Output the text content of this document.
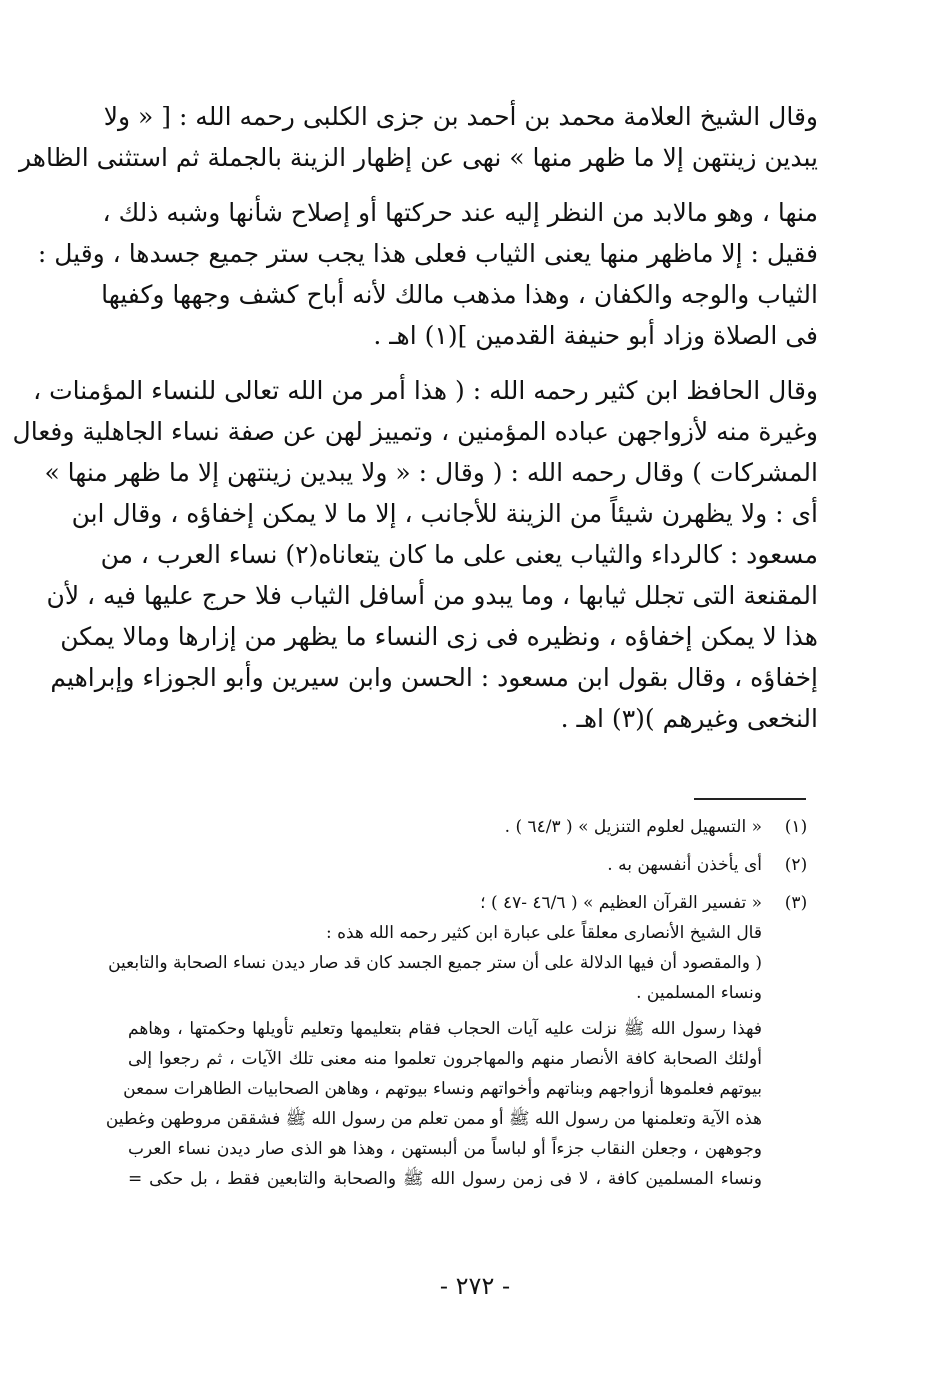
وقال الشيخ العلامة محمد بن أحمد بن جزى الكلبى رحمه الله : [ « ولا
يبدين زينتهن إلا ما ظهر منها » نهى عن إظهار الزينة بالجملة ثم استثنى الظاهر

منها ، وهو مالابد من النظر إليه عند حركتها أو إصلاح شأنها وشبه ذلك ،
فقيل : إلا ماظهر منها يعنى الثياب فعلى هذا يجب ستر جميع جسدها ، وقيل :
الثياب والوجه والكفان ، وهذا مذهب مالك لأنه أباح كشف وجهها وكفيها
فى الصلاة وزاد أبو حنيفة القدمين ](١) اهـ .

وقال الحافظ ابن كثير رحمه الله : ( هذا أمر من الله تعالى للنساء المؤمنات ،
وغيرة منه لأزواجهن عباده المؤمنين ، وتمييز لهن عن صفة نساء الجاهلية وفعال
المشركات ) وقال رحمه الله : ( وقال : « ولا يبدين زينتهن إلا ما ظهر منها »
أى : ولا يظهرن شيئاً من الزينة للأجانب ، إلا ما لا يمكن إخفاؤه ، وقال ابن
مسعود : كالرداء والثياب يعنى على ما كان يتعاناه(٢) نساء العرب ، من
المقنعة التى تجلل ثيابها ، وما يبدو من أسافل الثياب فلا حرج عليها فيه ، لأن
هذا لا يمكن إخفاؤه ، ونظيره فى زى النساء ما يظهر من إزارها ومالا يمكن
إخفاؤه ، وقال بقول ابن مسعود : الحسن وابن سيرين وأبو الجوزاء وإبراهيم
النخعى وغيرهم )(٣) اهـ .

(١)
« التسهيل لعلوم التنزيل » ( ٦٤/٣ ) .
(٢)
أى يأخذن أنفسهن به .
(٣)
« تفسير القرآن العظيم » ( ٤٦/٦ -٤٧ ) ؛
قال الشيخ الأنصارى معلقاً على عبارة ابن كثير رحمه الله هذه :
( والمقصود أن فيها الدلالة على أن ستر جميع الجسد كان قد صار ديدن نساء الصحابة والتابعين
ونساء المسلمين .
فهذا رسول الله ﷺ نزلت عليه آيات الحجاب فقام بتعليمها وتعليم تأويلها وحكمتها ، وهاهم
أولئك الصحابة كافة الأنصار منهم والمهاجرون تعلموا منه معنى تلك الآيات ، ثم رجعوا إلى
بيوتهم فعلموها أزواجهم وبناتهم وأخواتهم ونساء بيوتهم ، وهاهن الصحابيات الطاهرات سمعن
هذه الآية وتعلمنها من رسول الله ﷺ أو ممن تعلم من رسول الله ﷺ فشققن مروطهن وغطين
وجوههن ، وجعلن النقاب جزءاً أو لباساً من ألبستهن ، وهذا هو الذى صار ديدن نساء العرب
ونساء المسلمين كافة ، لا فى زمن رسول الله ﷺ والصحابة والتابعين فقط ، بل حكى =
- ٢٧٢ -
